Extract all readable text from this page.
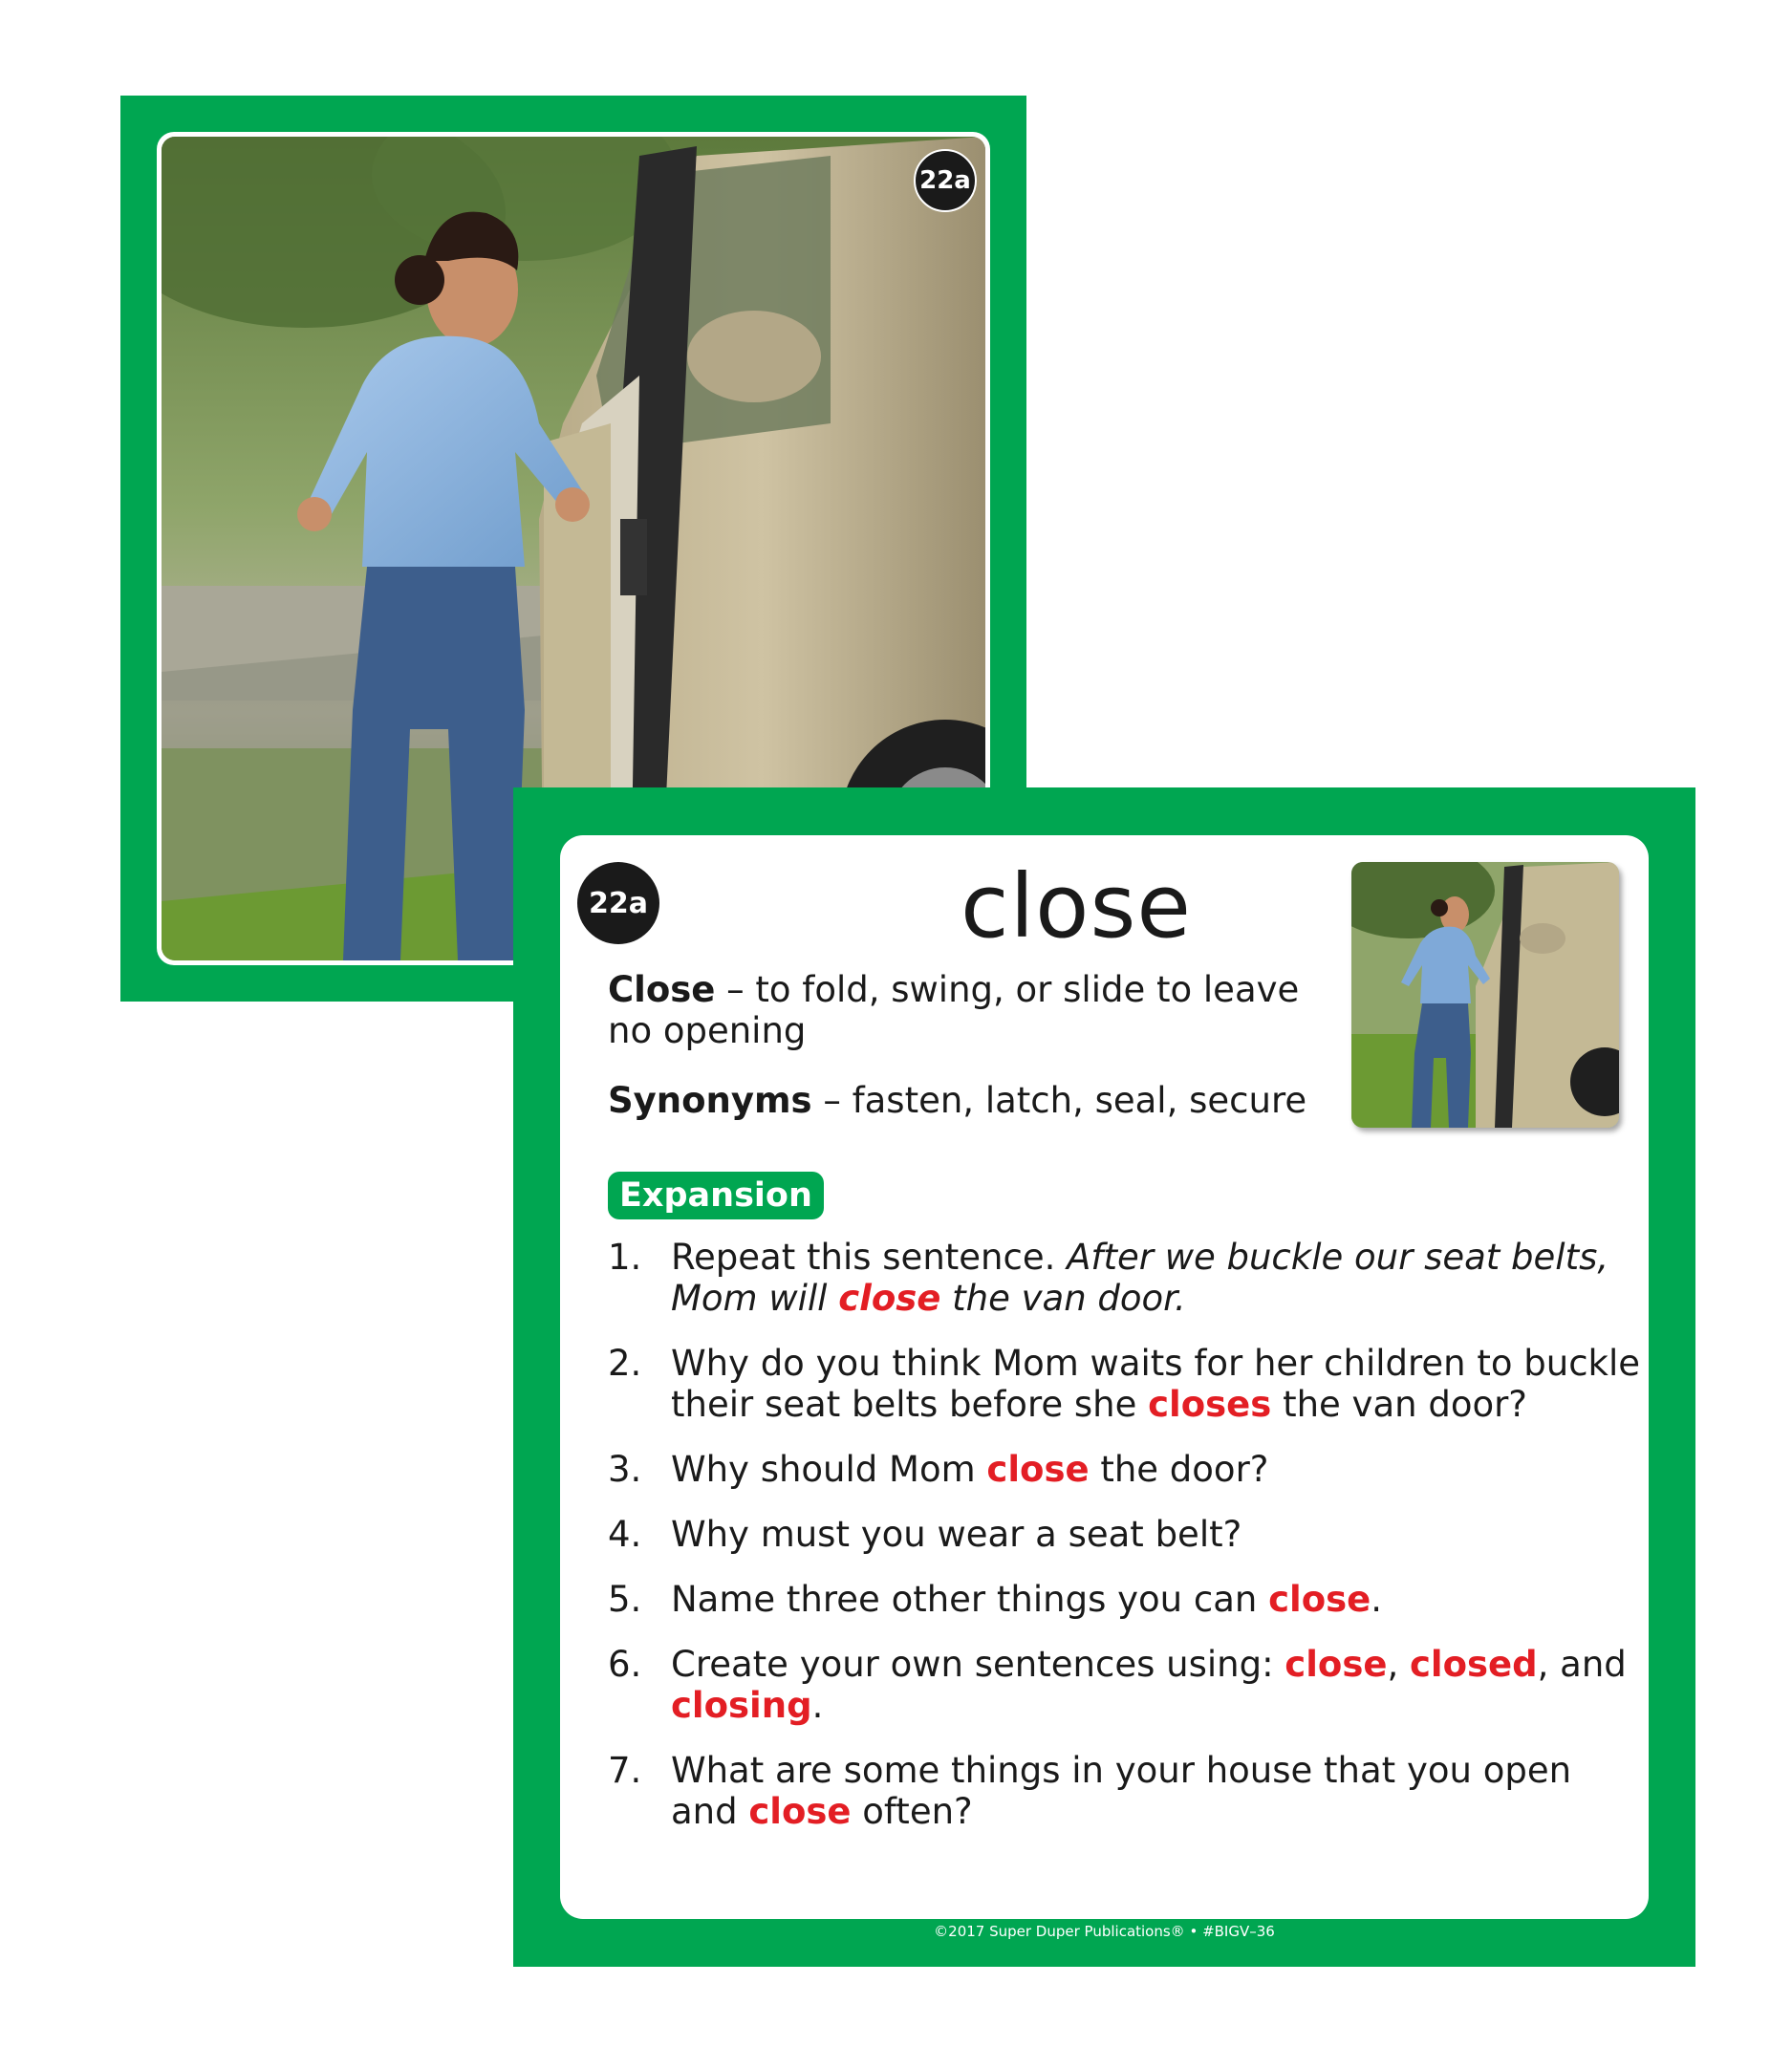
22a
22a	close
Close – to fold, swing, or slide to leave no opening
Synonyms – fasten, latch, seal, secure
Expansion
1. Repeat this sentence. After we buckle our seat belts, Mom will close the van door.
2. Why do you think Mom waits for her children to buckle their seat belts before she closes the van door?
3. Why should Mom close the door?
4. Why must you wear a seat belt?
5. Name three other things you can close.
6. Create your own sentences using: close, closed, and closing.
7. What are some things in your house that you open and close often?
©2017 Super Duper Publications® • #BIGV–36
